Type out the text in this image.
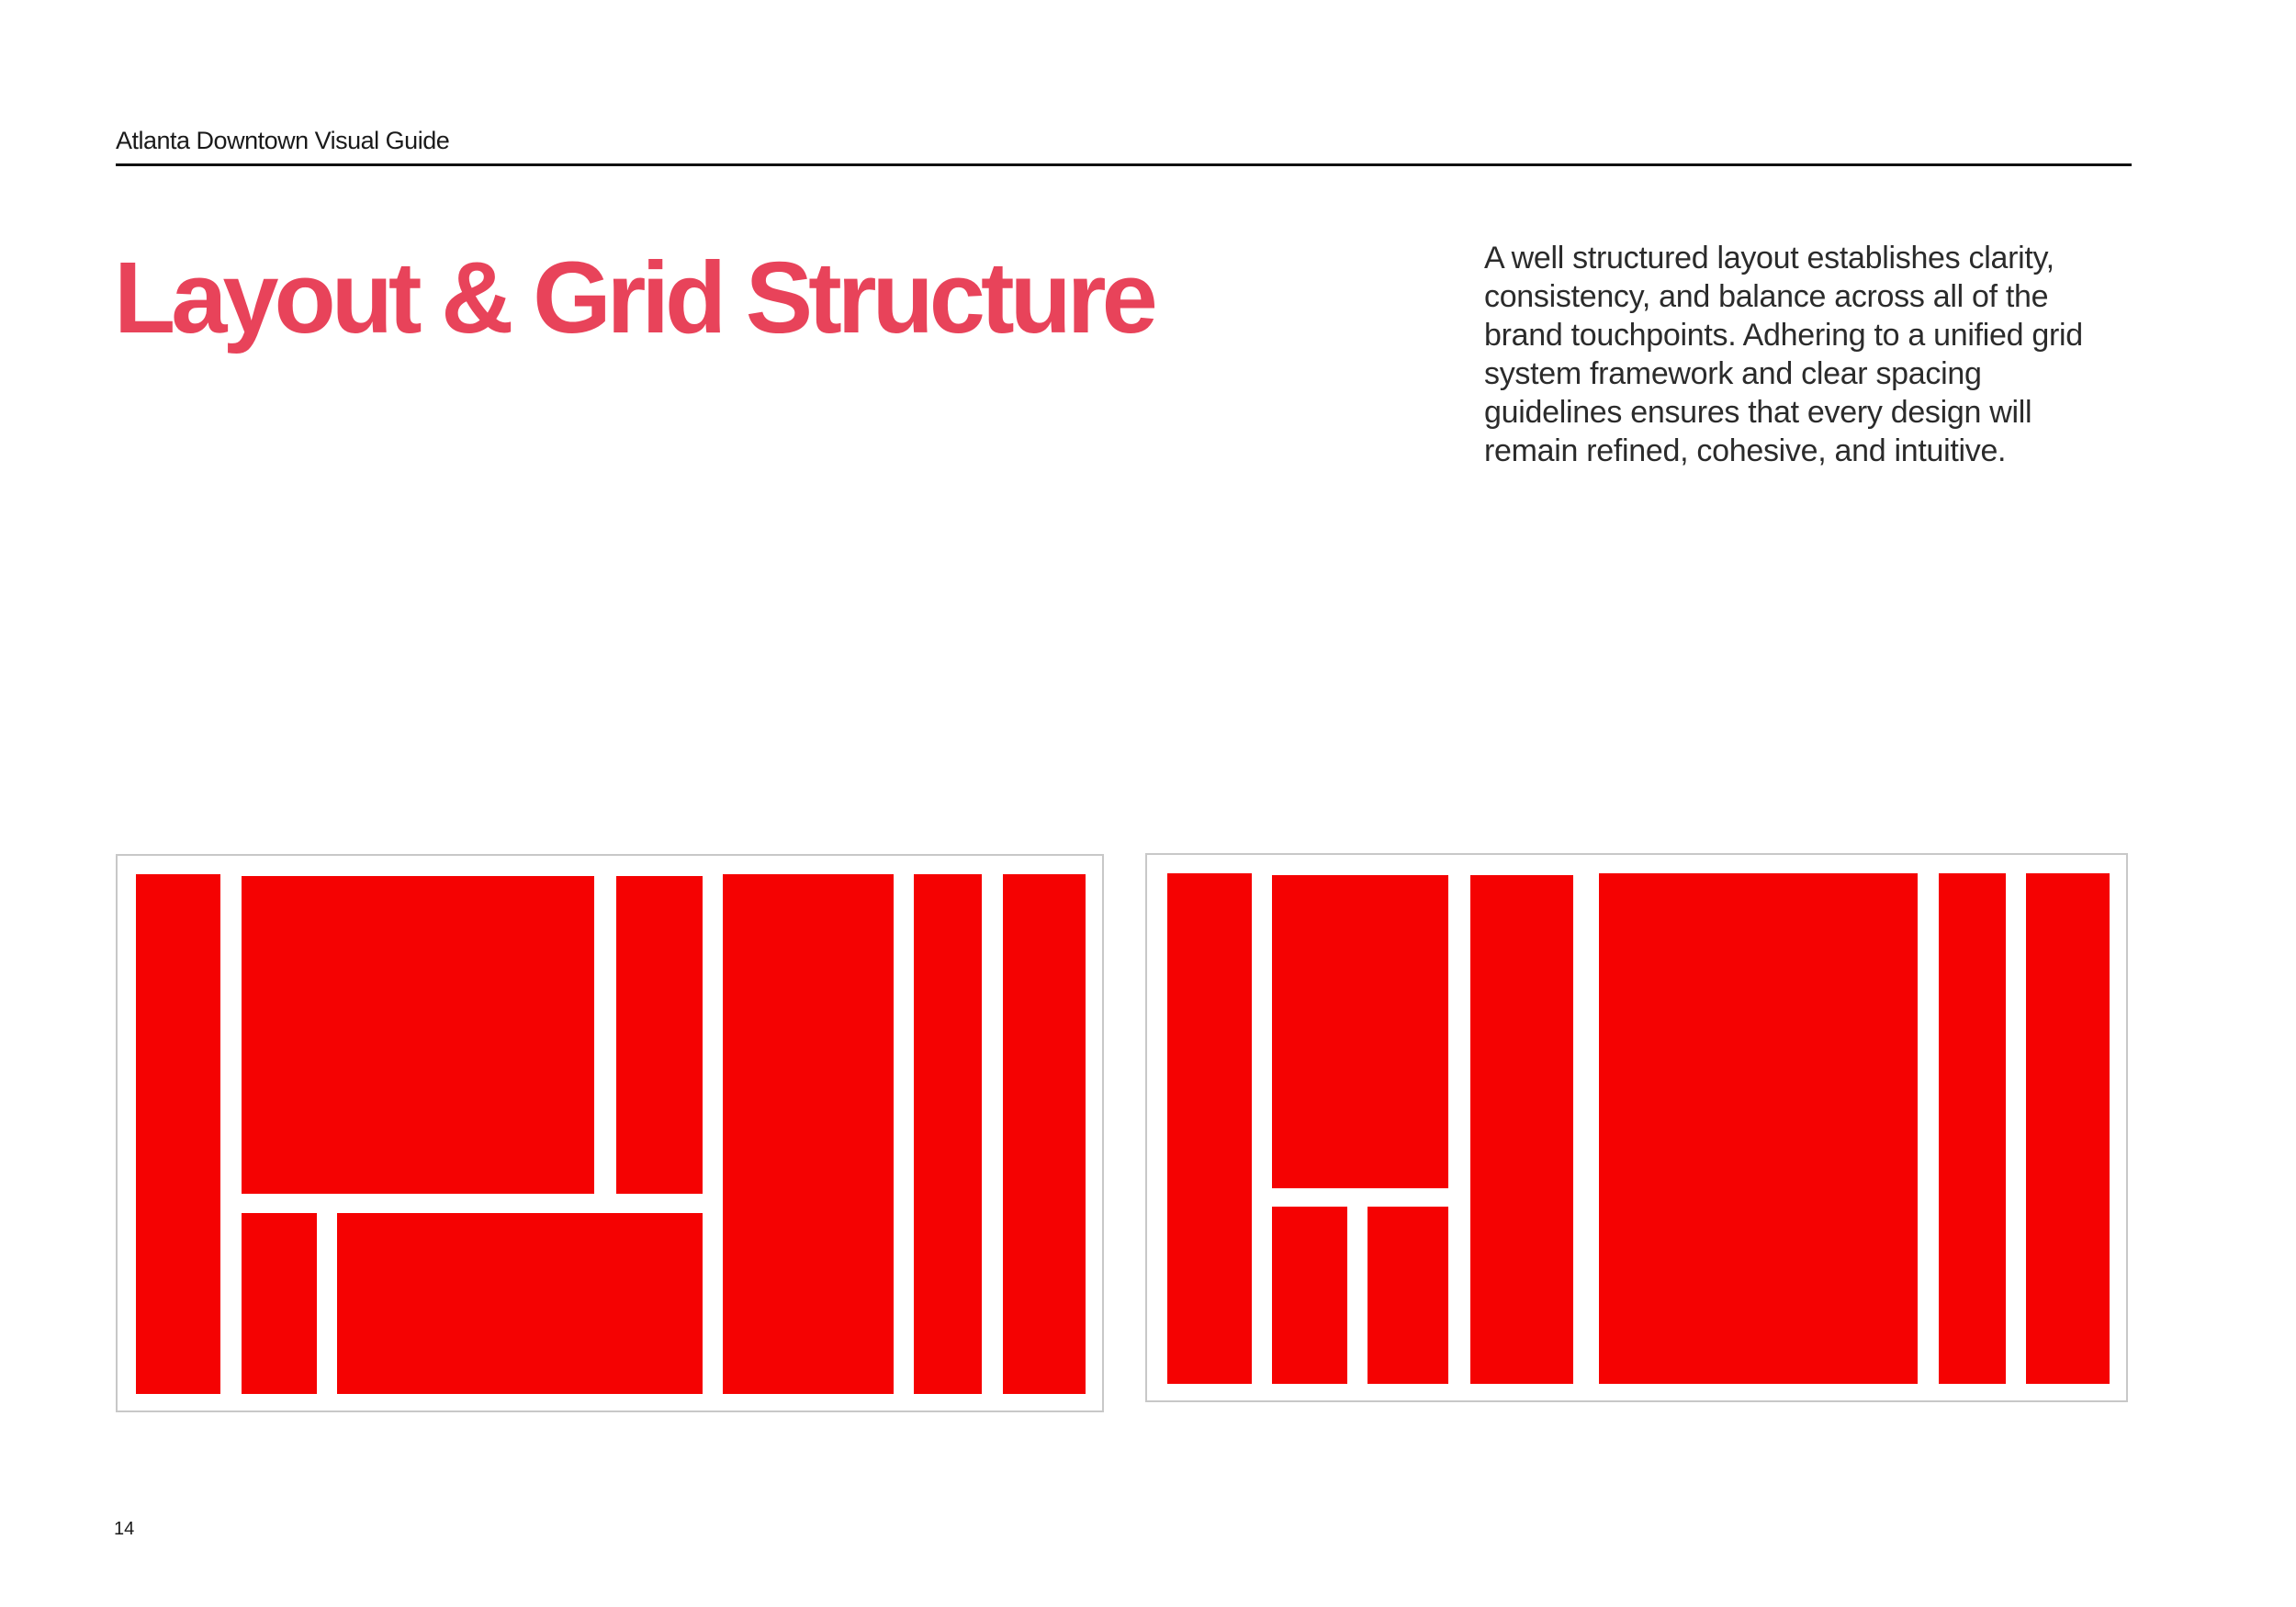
Atlanta Downtown Visual Guide
Layout & Grid Structure	A well structured layout establishes clarity, consistency, and balance across all of the brand touchpoints. Adhering to a unified grid system framework and clear spacing guidelines ensures that every design will remain refined, cohesive, and intuitive.

14
